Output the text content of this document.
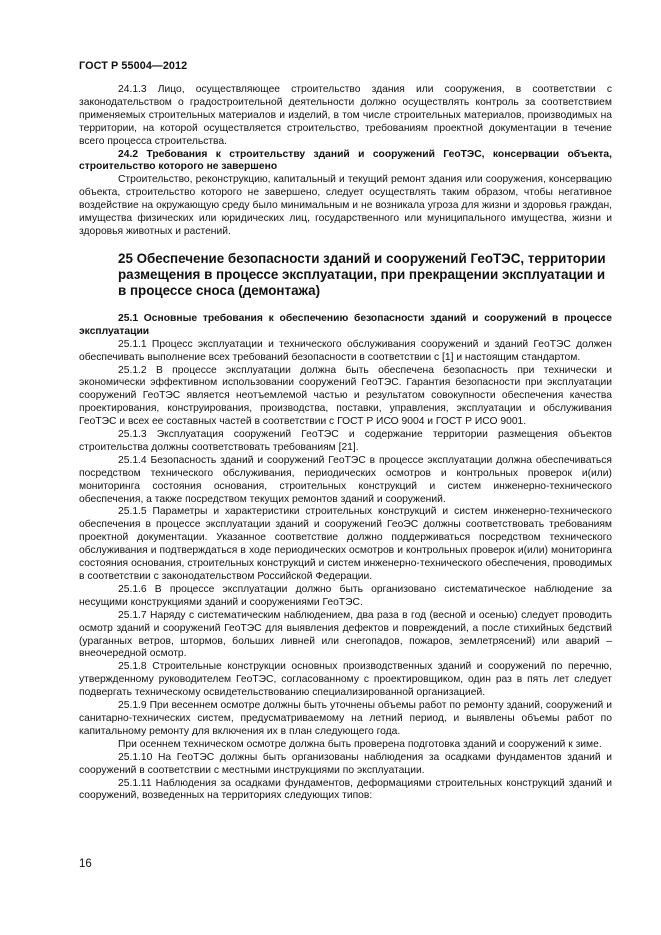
ГОСТ Р 55004—2012

24.1.3 Лицо, осуществляющее строительство здания или сооружения, в соответствии с законодательством о градостроительной деятельности должно осуществлять контроль за соответствием применяемых строительных материалов и изделий, в том числе строительных материалов, производимых на территории, на которой осуществляется строительство, требованиям проектной документации в течение всего процесса строительства.

24.2 Требования к строительству зданий и сооружений ГеоТЭС, консервации объекта, строительство которого не завершено

Строительство, реконструкцию, капитальный и текущий ремонт здания или сооружения, консервацию объекта, строительство которого не завершено, следует осуществлять таким образом, чтобы негативное воздействие на окружающую среду было минимальным и не возникала угроза для жизни и здоровья граждан, имущества физических или юридических лиц, государственного или муниципального имущества, жизни и здоровья животных и растений.

25 Обеспечение безопасности зданий и сооружений ГеоТЭС, территории размещения в процессе эксплуатации, при прекращении эксплуатации и в процессе сноса (демонтажа)

25.1 Основные требования к обеспечению безопасности зданий и сооружений в процессе эксплуатации

25.1.1 Процесс эксплуатации и технического обслуживания сооружений и зданий ГеоТЭС должен обеспечивать выполнение всех требований безопасности в соответствии с [1] и настоящим стандартом.

25.1.2 В процессе эксплуатации должна быть обеспечена безопасность при технически и экономически эффективном использовании сооружений ГеоТЭС. Гарантия безопасности при эксплуатации сооружений ГеоТЭС является неотъемлемой частью и результатом совокупности обеспечения качества проектирования, конструирования, производства, поставки, управления, эксплуатации и обслуживания ГеоТЭС и всех ее составных частей в соответствии с ГОСТ Р ИСО 9004 и ГОСТ Р ИСО 9001.

25.1.3 Эксплуатация сооружений ГеоТЭС и содержание территории размещения объектов строительства должны соответствовать требованиям [21].

25.1.4 Безопасность зданий и сооружений ГеоТЭС в процессе эксплуатации должна обеспечиваться посредством технического обслуживания, периодических осмотров и контрольных проверок и(или) мониторинга состояния основания, строительных конструкций и систем инженерно-технического обеспечения, а также посредством текущих ремонтов зданий и сооружений.

25.1.5 Параметры и характеристики строительных конструкций и систем инженерно-технического обеспечения в процессе эксплуатации зданий и сооружений ГеоЭС должны соответствовать требованиям проектной документации. Указанное соответствие должно поддерживаться посредством технического обслуживания и подтверждаться в ходе периодических осмотров и контрольных проверок и(или) мониторинга состояния основания, строительных конструкций и систем инженерно-технического обеспечения, проводимых в соответствии с законодательством Российской Федерации.

25.1.6 В процессе эксплуатации должно быть организовано систематическое наблюдение за несущими конструкциями зданий и сооружениями ГеоТЭС.

25.1.7 Наряду с систематическим наблюдением, два раза в год (весной и осенью) следует проводить осмотр зданий и сооружений ГеоТЭС для выявления дефектов и повреждений, а после стихийных бедствий (ураганных ветров, штормов, больших ливней или снегопадов, пожаров, землетрясений) или аварий – внеочередной осмотр.

25.1.8 Строительные конструкции основных производственных зданий и сооружений по перечню, утвержденному руководителем ГеоТЭС, согласованному с проектировщиком, один раз в пять лет следует подвергать техническому освидетельствованию специализированной организацией.

25.1.9 При весеннем осмотре должны быть уточнены объемы работ по ремонту зданий, сооружений и санитарно-технических систем, предусматриваемому на летний период, и выявлены объемы работ по капитальному ремонту для включения их в план следующего года.

При осеннем техническом осмотре должна быть проверена подготовка зданий и сооружений к зиме.

25.1.10 На ГеоТЭС должны быть организованы наблюдения за осадками фундаментов зданий и сооружений в соответствии с местными инструкциями по эксплуатации.

25.1.11 Наблюдения за осадками фундаментов, деформациями строительных конструкций зданий и сооружений, возведенных на территориях следующих типов:

16
